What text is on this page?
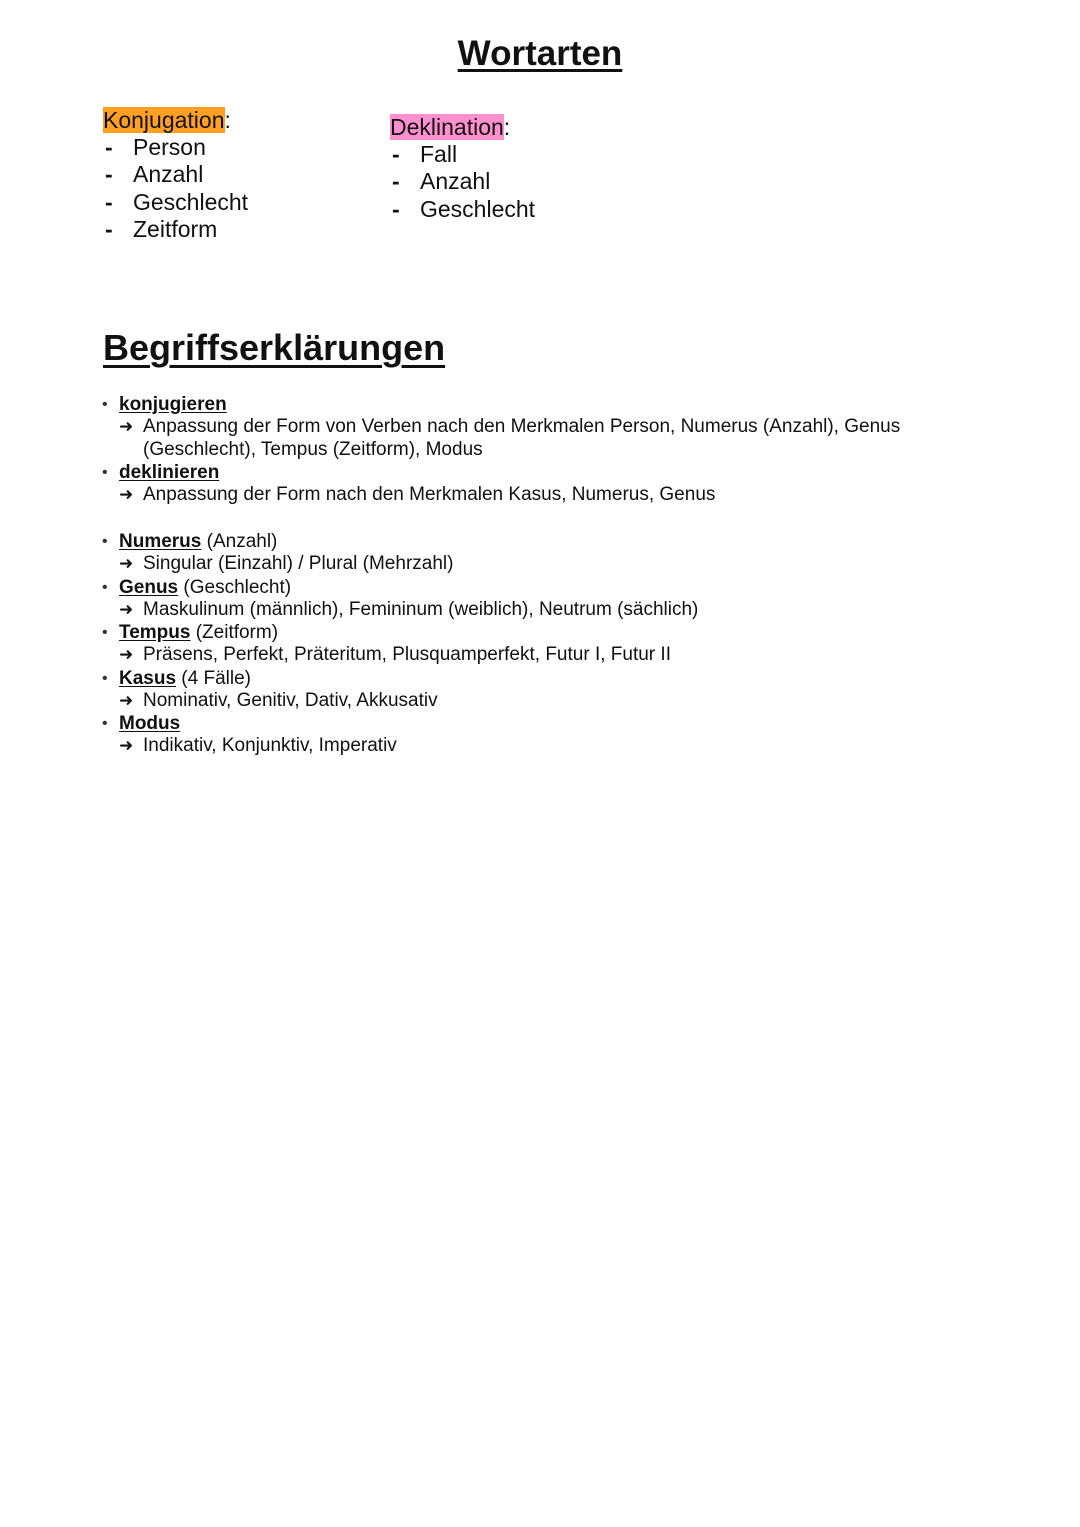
Wortarten
Konjugation:
- Person
- Anzahl
- Geschlecht
- Zeitform
Deklination:
- Fall
- Anzahl
- Geschlecht
Begriffserklärungen
• konjugieren
➜ Anpassung der Form von Verben nach den Merkmalen Person, Numerus (Anzahl), Genus
(Geschlecht), Tempus (Zeitform), Modus
• deklinieren
➜ Anpassung der Form nach den Merkmalen Kasus, Numerus, Genus
• Numerus (Anzahl)
➜ Singular (Einzahl) / Plural (Mehrzahl)
• Genus (Geschlecht)
➜ Maskulinum (männlich), Femininum (weiblich), Neutrum (sächlich)
• Tempus (Zeitform)
➜ Präsens, Perfekt, Präteritum, Plusquamperfekt, Futur I, Futur II
• Kasus (4 Fälle)
➜ Nominativ, Genitiv, Dativ, Akkusativ
• Modus
➜ Indikativ, Konjunktiv, Imperativ
